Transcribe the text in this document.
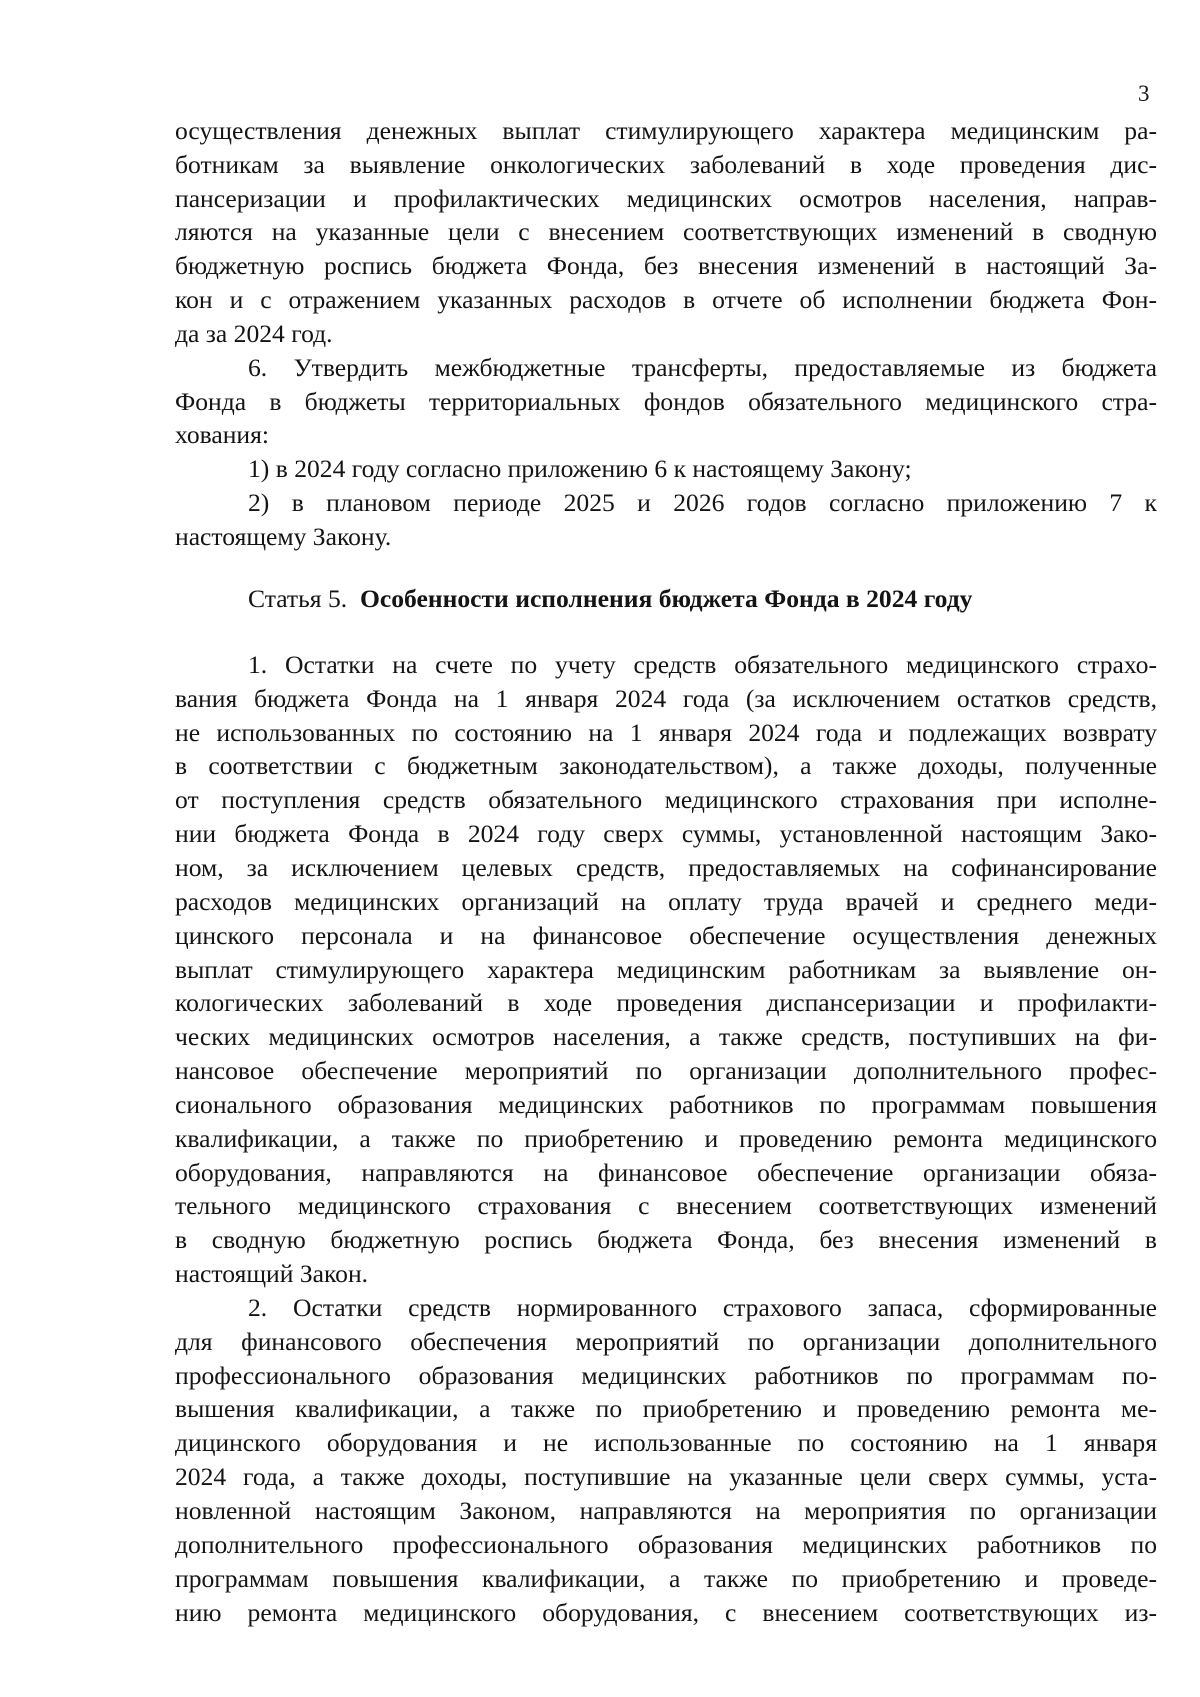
3
осуществления денежных выплат стимулирующего характера медицинским ра-
ботникам за выявление онкологических заболеваний в ходе проведения дис-
пансеризации и профилактических медицинских осмотров населения, направ-
ляются на указанные цели с внесением соответствующих изменений в сводную
бюджетную роспись бюджета Фонда, без внесения изменений в настоящий За-
кон и с отражением указанных расходов в отчете об исполнении бюджета Фон-
да за 2024 год.
6. Утвердить межбюджетные трансферты, предоставляемые из бюджета
Фонда в бюджеты территориальных фондов обязательного медицинского стра-
хования:
1) в 2024 году согласно приложению 6 к настоящему Закону;
2) в плановом периоде 2025 и 2026 годов согласно приложению 7 к
настоящему Закону.
Статья 5. Особенности исполнения бюджета Фонда в 2024 году
1. Остатки на счете по учету средств обязательного медицинского страхо-
вания бюджета Фонда на 1 января 2024 года (за исключением остатков средств,
не использованных по состоянию на 1 января 2024 года и подлежащих возврату
в соответствии с бюджетным законодательством), а также доходы, полученные
от поступления средств обязательного медицинского страхования при исполне-
нии бюджета Фонда в 2024 году сверх суммы, установленной настоящим Зако-
ном, за исключением целевых средств, предоставляемых на софинансирование
расходов медицинских организаций на оплату труда врачей и среднего меди-
цинского персонала и на финансовое обеспечение осуществления денежных
выплат стимулирующего характера медицинским работникам за выявление он-
кологических заболеваний в ходе проведения диспансеризации и профилакти-
ческих медицинских осмотров населения, а также средств, поступивших на фи-
нансовое обеспечение мероприятий по организации дополнительного профес-
сионального образования медицинских работников по программам повышения
квалификации, а также по приобретению и проведению ремонта медицинского
оборудования, направляются на финансовое обеспечение организации обяза-
тельного медицинского страхования с внесением соответствующих изменений
в сводную бюджетную роспись бюджета Фонда, без внесения изменений в
настоящий Закон.
2. Остатки средств нормированного страхового запаса, сформированные
для финансового обеспечения мероприятий по организации дополнительного
профессионального образования медицинских работников по программам по-
вышения квалификации, а также по приобретению и проведению ремонта ме-
дицинского оборудования и не использованные по состоянию на 1 января
2024 года, а также доходы, поступившие на указанные цели сверх суммы, уста-
новленной настоящим Законом, направляются на мероприятия по организации
дополнительного профессионального образования медицинских работников по
программам повышения квалификации, а также по приобретению и проведе-
нию ремонта медицинского оборудования, с внесением соответствующих из-
